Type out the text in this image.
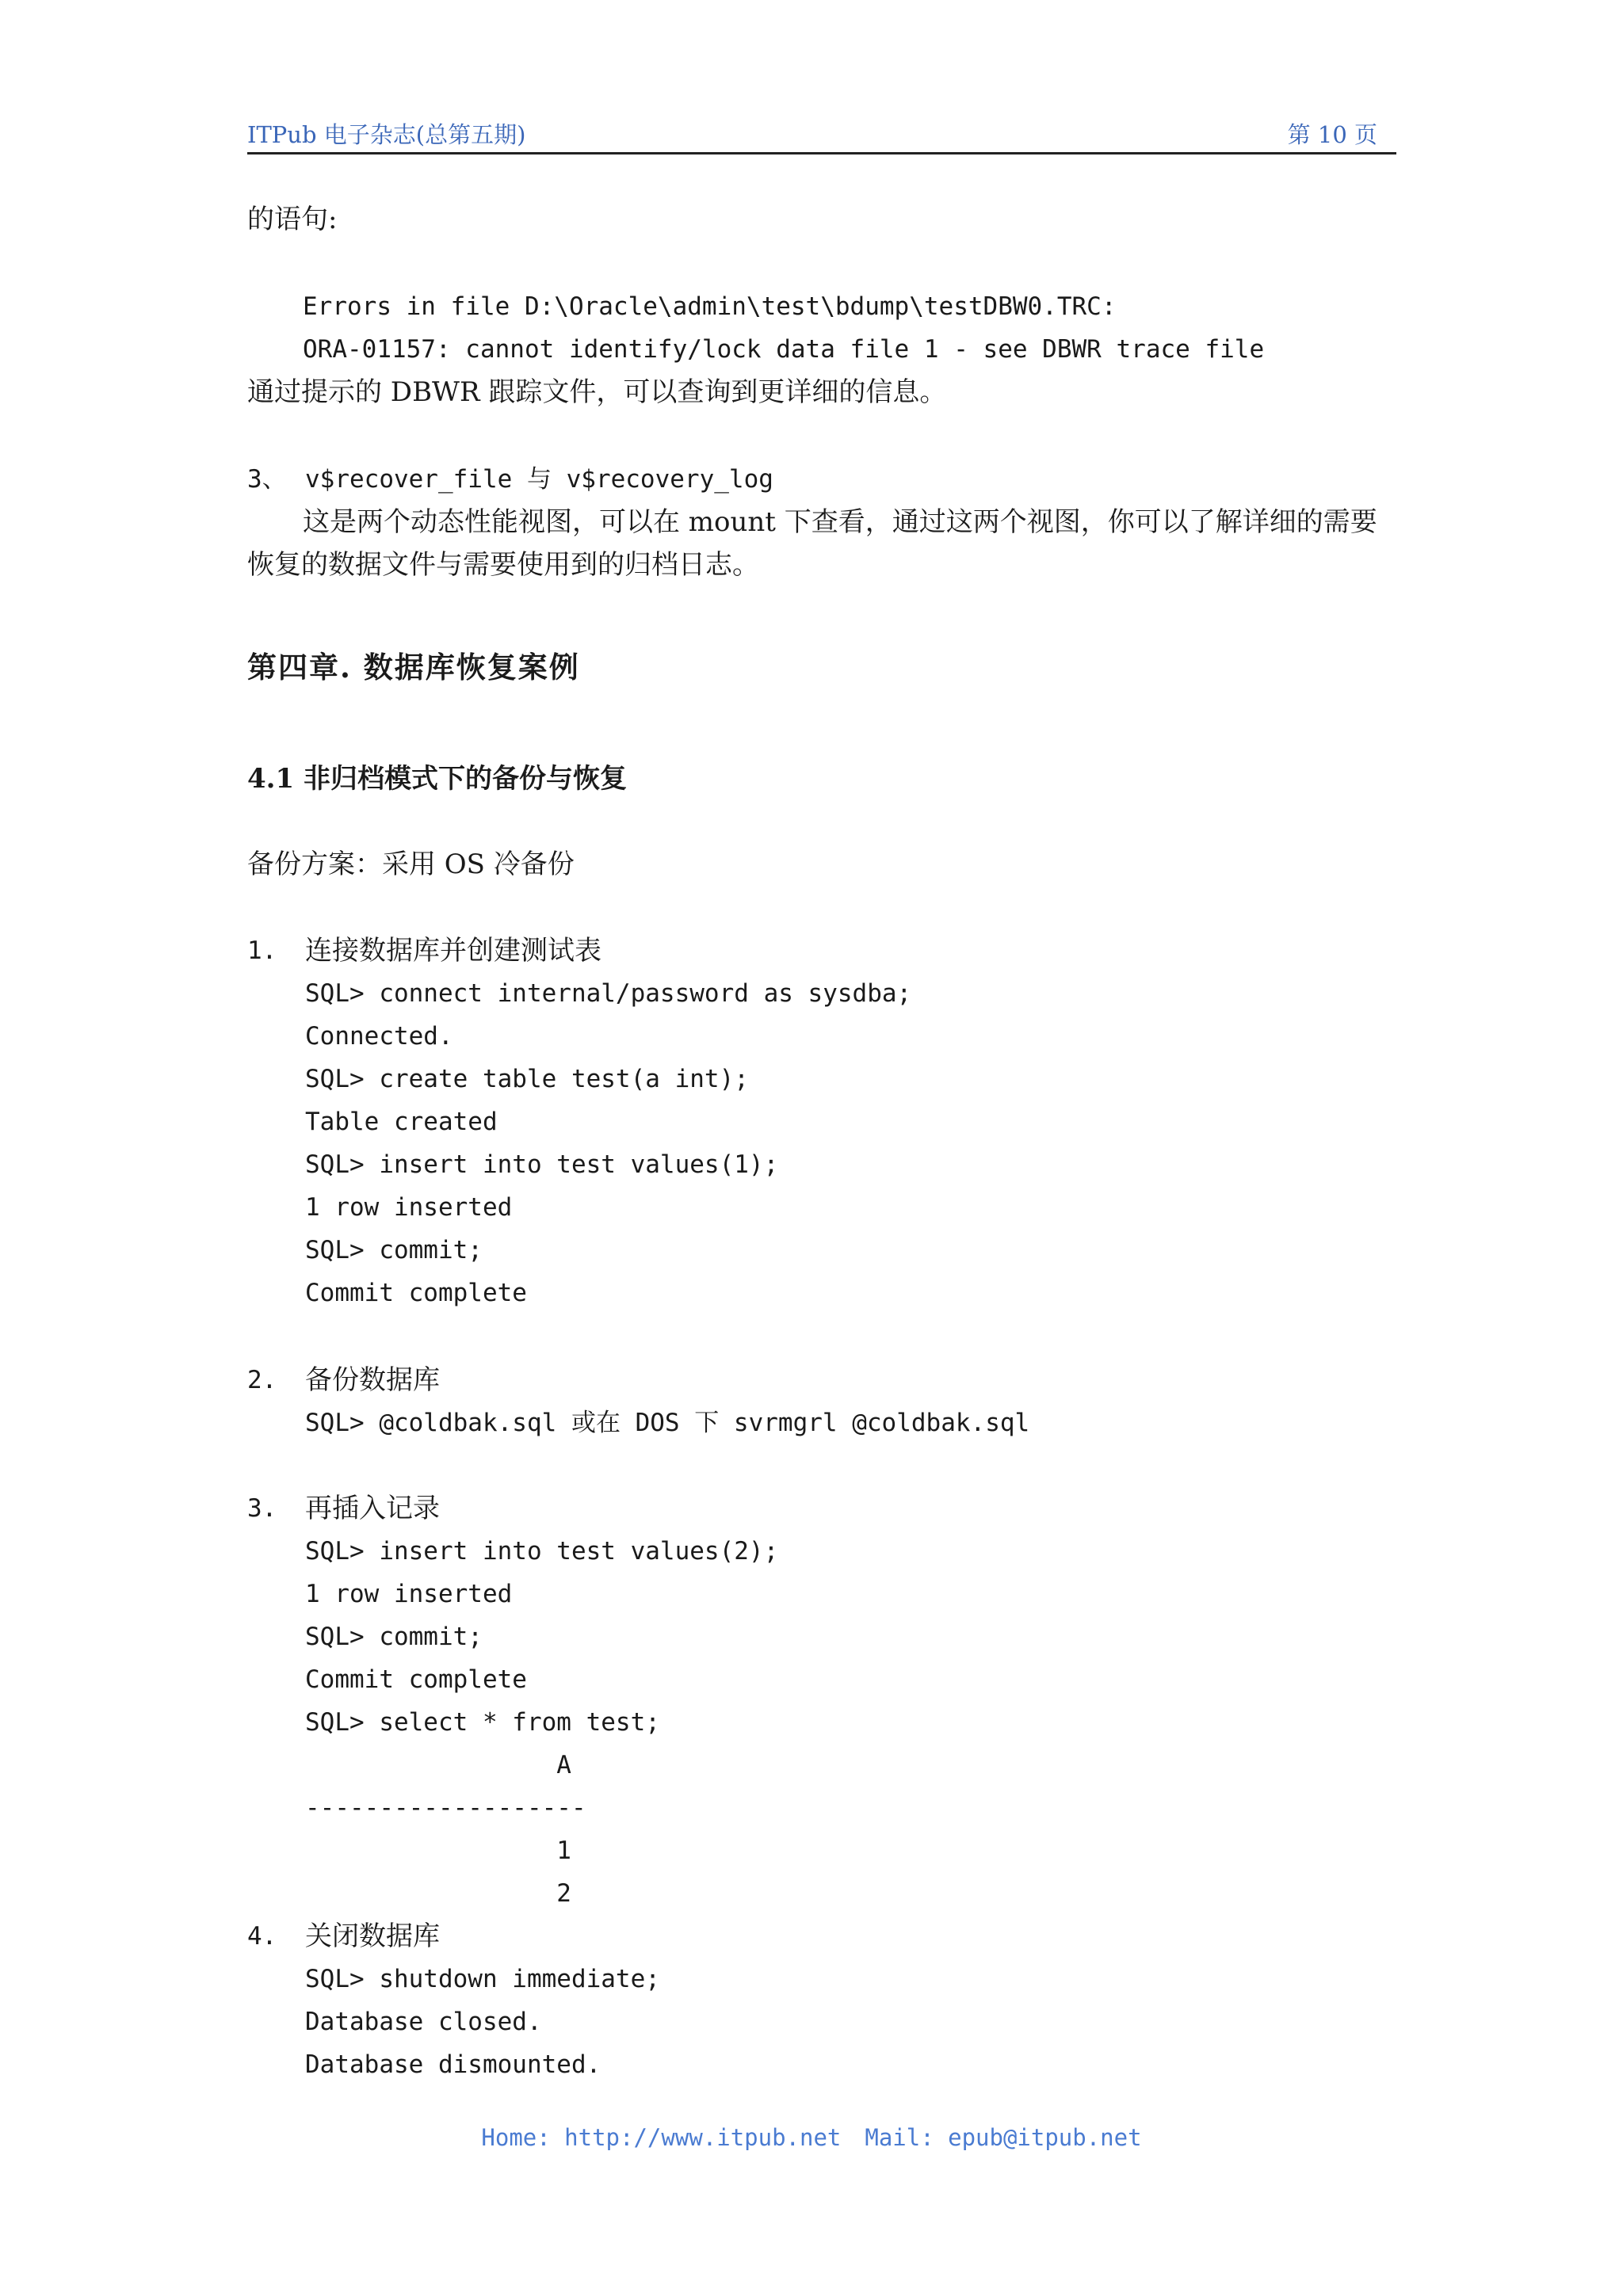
ITPub 电子杂志(总第五期)	第 10 页
的语句:
Errors in file D:\Oracle\admin\test\bdump\testDBW0.TRC:
ORA-01157: cannot identify/lock data file 1 - see DBWR trace file
通过提示的 DBWR 跟踪文件，可以查询到更详细的信息。
3、 v$recover_file 与 v$recovery_log
这是两个动态性能视图，可以在 mount 下查看，通过这两个视图，你可以了解详细的需要
恢复的数据文件与需要使用到的归档日志。
第四章. 数据库恢复案例
4.1 非归档模式下的备份与恢复
备份方案：采用 OS 冷备份
1. 连接数据库并创建测试表
SQL> connect internal/password as sysdba;
Connected.
SQL> create table test(a int);
Table created
SQL> insert into test values(1);
1 row inserted
SQL> commit;
Commit complete
2. 备份数据库
SQL> @coldbak.sql 或在 DOS 下 svrmgrl @coldbak.sql
3. 再插入记录
SQL> insert into test values(2);
1 row inserted
SQL> commit;
Commit complete
SQL> select * from test;
A
-------------------
1
2
4. 关闭数据库
SQL> shutdown immediate;
Database closed.
Database dismounted.
Home: http://www.itpub.net Mail: epub@itpub.net
